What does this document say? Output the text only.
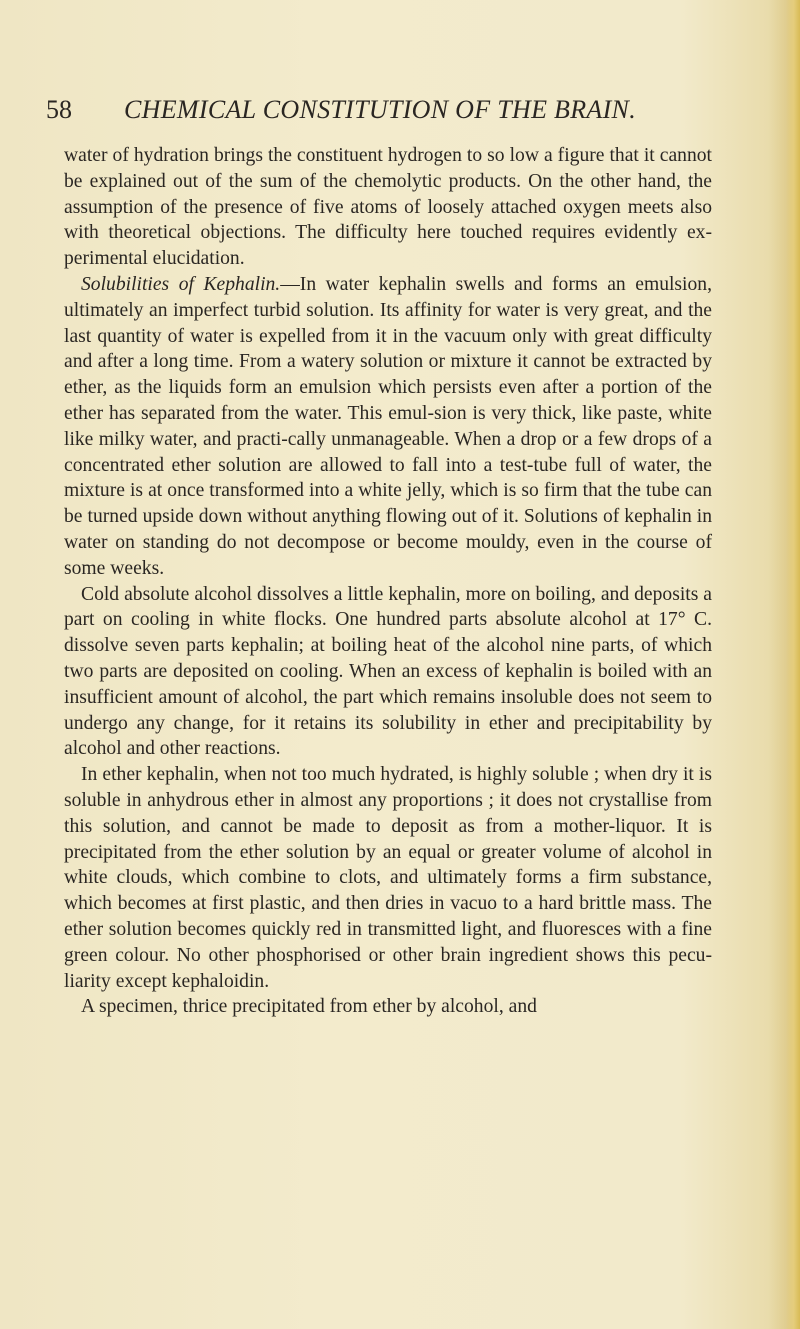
58 CHEMICAL CONSTITUTION OF THE BRAIN.

water of hydration brings the constituent hydrogen to so low a figure that it cannot be explained out of the sum of the chemolytic products. On the other hand, the assumption of the presence of five atoms of loosely attached oxygen meets also with theoretical objections. The difficulty here touched requires evidently ex-perimental elucidation.

Solubilities of Kephalin.—In water kephalin swells and forms an emulsion, ultimately an imperfect turbid solution. Its affinity for water is very great, and the last quantity of water is expelled from it in the vacuum only with great difficulty and after a long time. From a watery solution or mixture it cannot be extracted by ether, as the liquids form an emulsion which persists even after a portion of the ether has separated from the water. This emul-sion is very thick, like paste, white like milky water, and practi-cally unmanageable. When a drop or a few drops of a concentrated ether solution are allowed to fall into a test-tube full of water, the mixture is at once transformed into a white jelly, which is so firm that the tube can be turned upside down without anything flowing out of it. Solutions of kephalin in water on standing do not decompose or become mouldy, even in the course of some weeks.

Cold absolute alcohol dissolves a little kephalin, more on boiling, and deposits a part on cooling in white flocks. One hundred parts absolute alcohol at 17° C. dissolve seven parts kephalin; at boiling heat of the alcohol nine parts, of which two parts are deposited on cooling. When an excess of kephalin is boiled with an insufficient amount of alcohol, the part which remains insoluble does not seem to undergo any change, for it retains its solubility in ether and precipitability by alcohol and other reactions.

In ether kephalin, when not too much hydrated, is highly soluble ; when dry it is soluble in anhydrous ether in almost any proportions ; it does not crystallise from this solution, and cannot be made to deposit as from a mother-liquor. It is precipitated from the ether solution by an equal or greater volume of alcohol in white clouds, which combine to clots, and ultimately forms a firm substance, which becomes at first plastic, and then dries in vacuo to a hard brittle mass. The ether solution becomes quickly red in transmitted light, and fluoresces with a fine green colour. No other phosphorised or other brain ingredient shows this pecu-liarity except kephaloidin.

A specimen, thrice precipitated from ether by alcohol, and
